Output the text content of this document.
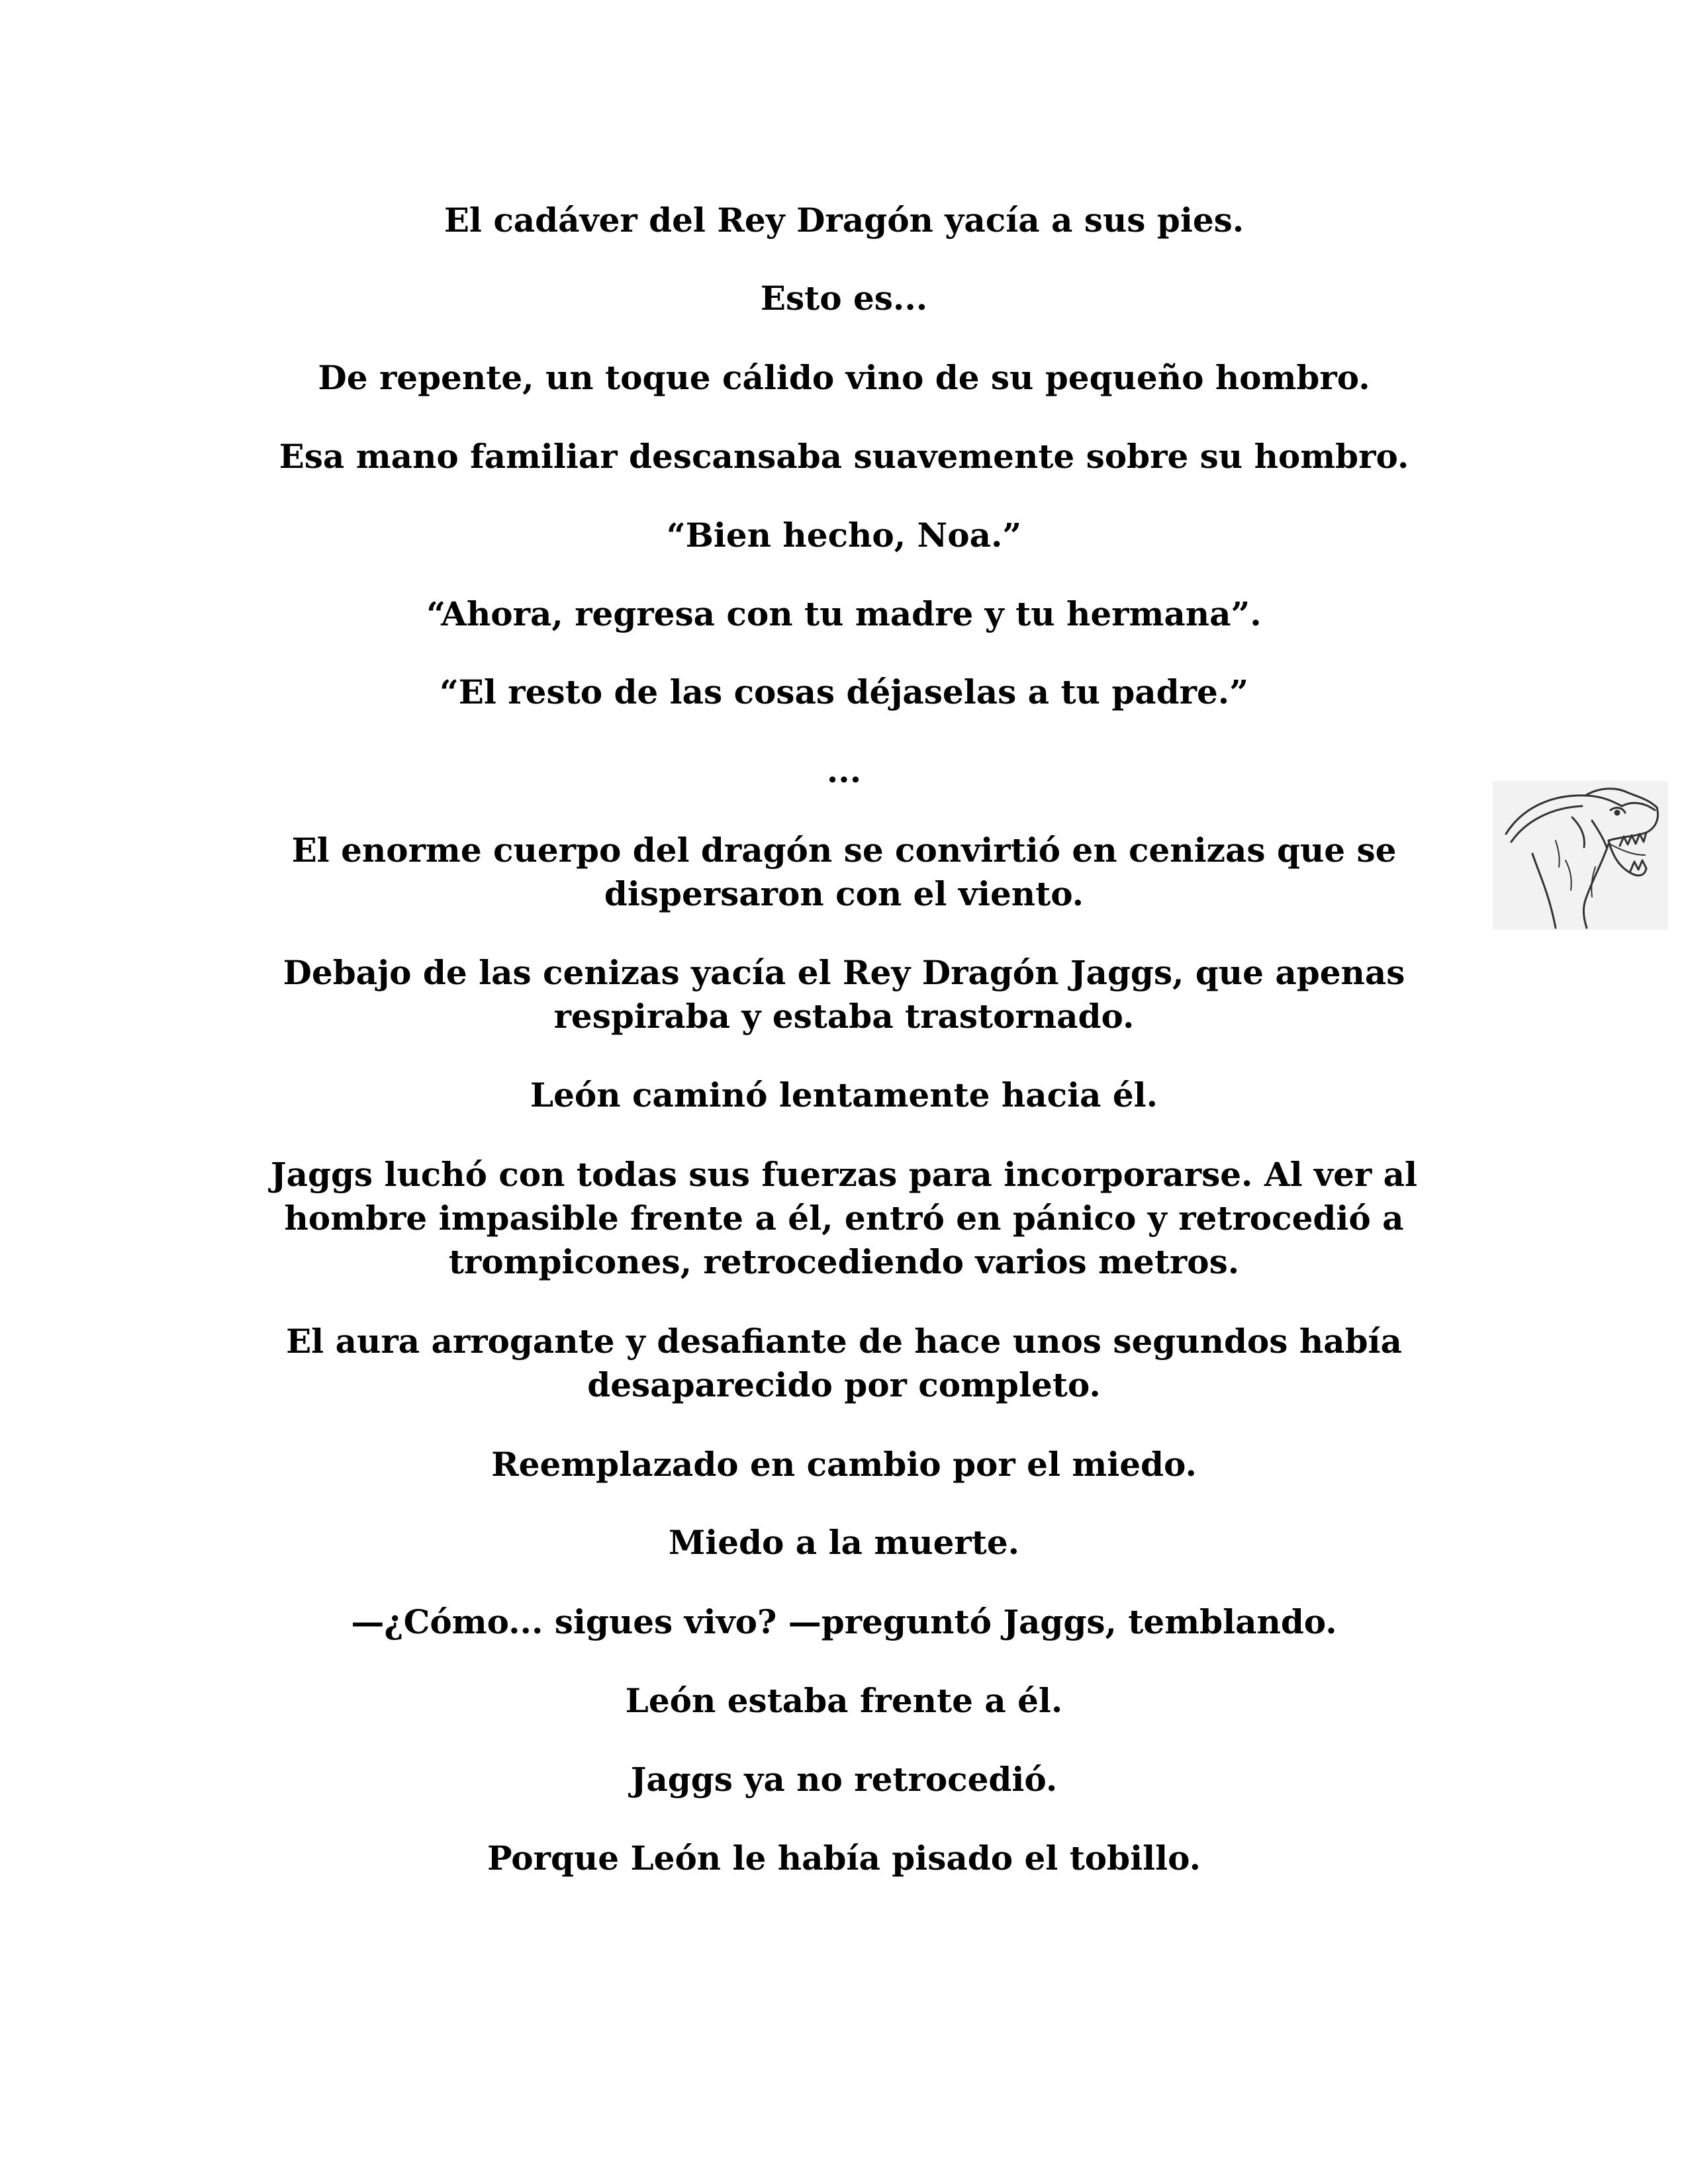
El cadáver del Rey Dragón yacía a sus pies.

Esto es...

De repente, un toque cálido vino de su pequeño hombro.

Esa mano familiar descansaba suavemente sobre su hombro.

“Bien hecho, Noa.”

“Ahora, regresa con tu madre y tu hermana”.

“El resto de las cosas déjaselas a tu padre.”

...

El enorme cuerpo del dragón se convirtió en cenizas que se
dispersaron con el viento.

Debajo de las cenizas yacía el Rey Dragón Jaggs, que apenas
respiraba y estaba trastornado.

León caminó lentamente hacia él.

Jaggs luchó con todas sus fuerzas para incorporarse. Al ver al
hombre impasible frente a él, entró en pánico y retrocedió a
trompicones, retrocediendo varios metros.

El aura arrogante y desafiante de hace unos segundos había
desaparecido por completo.

Reemplazado en cambio por el miedo.

Miedo a la muerte.

—¿Cómo... sigues vivo? —preguntó Jaggs, temblando.

León estaba frente a él.

Jaggs ya no retrocedió.

Porque León le había pisado el tobillo.
